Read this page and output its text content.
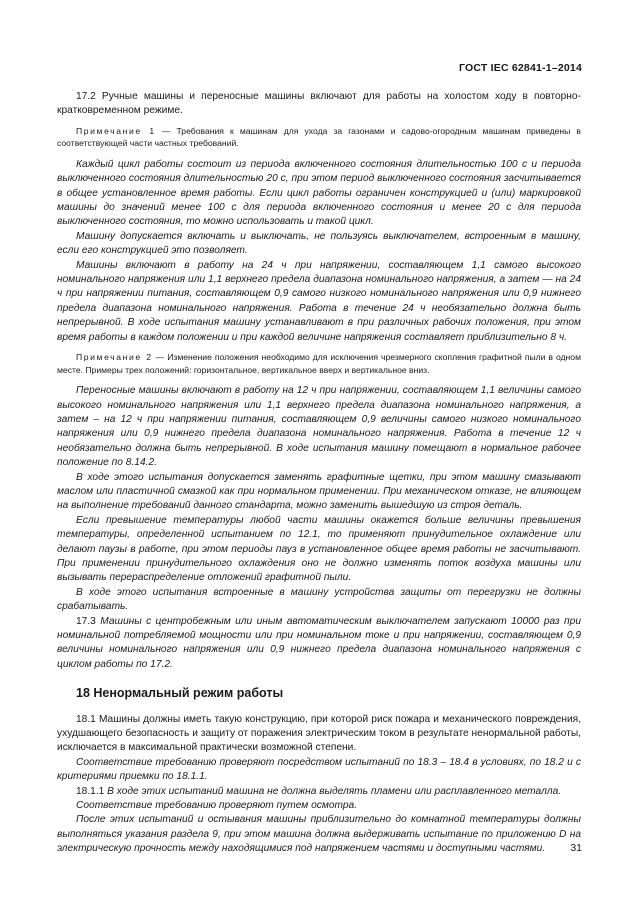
ГОСТ IEC 62841-1–2014

17.2 Ручные машины и переносные машины включают для работы на холостом ходу в повторно-кратковременном режиме.

Примечание 1 — Требования к машинам для ухода за газонами и садово-огородным машинам приведены в соответствующей части частных требований.

Каждый цикл работы состоит из периода включенного состояния длительностью 100 с и периода выключенного состояния длительностью 20 с, при этом период выключенного состояния засчитывается в общее установленное время работы. Если цикл работы ограничен конструкцией и (или) маркировкой машины до значений менее 100 с для периода включенного состояния и менее 20 с для периода выключенного состояния, то можно использовать и такой цикл.

Машину допускается включать и выключать, не пользуясь выключателем, встроенным в машину, если его конструкцией это позволяет.

Машины включают в работу на 24 ч при напряжении, составляющем 1,1 самого высокого номинального напряжения или 1,1 верхнего предела диапазона номинального напряжения, а затем — на 24 ч при напряжении питания, составляющем 0,9 самого низкого номинального напряжения или 0,9 нижнего предела диапазона номинального напряжения. Работа в течение 24 ч необязательно должна быть непрерывной. В ходе испытания машину устанавливают в при различных рабочих положения, при этом время работы в каждом положении и при каждой величине напряжения составляет приблизительно 8 ч.

Примечание 2 — Изменение положения необходимо для исключения чрезмерного скопления графитной пыли в одном месте. Примеры трех положений: горизонтальное, вертикальное вверх и вертикальное вниз.

Переносные машины включают в работу на 12 ч при напряжении, составляющем 1,1 величины самого высокого номинального напряжения или 1,1 верхнего предела диапазона номинального напряжения, а затем – на 12 ч при напряжении питания, составляющем 0,9 величины самого низкого номинального напряжения или 0,9 нижнего предела диапазона номинального напряжения. Работа в течение 12 ч необязательно должна быть непрерывной. В ходе испытания машину помещают в нормальное рабочее положение по 8.14.2.

В ходе этого испытания допускается заменять графитные щетки, при этом машину смазывают маслом или пластичной смазкой как при нормальном применении. При механическом отказе, не влияющем на выполнение требований данного стандарта, можно заменить вышедшую из строя деталь.

Если превышение температуры любой части машины окажется больше величины превышения температуры, определенной испытанием по 12.1, то применяют принудительное охлаждение или делают паузы в работе, при этом периоды пауз в установленное общее время работы не засчитывают. При применении принудительного охлаждения оно не должно изменять поток воздуха машины или вызывать перераспределение отложений графитной пыли.

В ходе этого испытания встроенные в машину устройства защиты от перегрузки не должны срабатывать.

17.3 Машины с центробежным или иным автоматическим выключателем запускают 10000 раз при номинальной потребляемой мощности или при номинальном токе и при напряжении, составляющем 0,9 величины номинального напряжения или 0,9 нижнего предела диапазона номинального напряжения с циклом работы по 17.2.

18 Ненормальный режим работы

18.1 Машины должны иметь такую конструкцию, при которой риск пожара и механического повреждения, ухудшающего безопасность и защиту от поражения электрическим током в результате ненормальной работы, исключается в максимальной практически возможной степени.

Соответствие требованию проверяют посредством испытаний по 18.3 – 18.4 в условиях, по 18.2 и с критериями приемки по 18.1.1.

18.1.1 В ходе этих испытаний машина не должна выделять пламени или расплавленного металла.

Соответствие требованию проверяют путем осмотра.

После этих испытаний и остывания машины приблизительно до комнатной температуры должны выполняться указания раздела 9, при этом машина должна выдерживать испытание по приложению D на электрическую прочность между находящимися под напряжением частями и доступными частями.	31
